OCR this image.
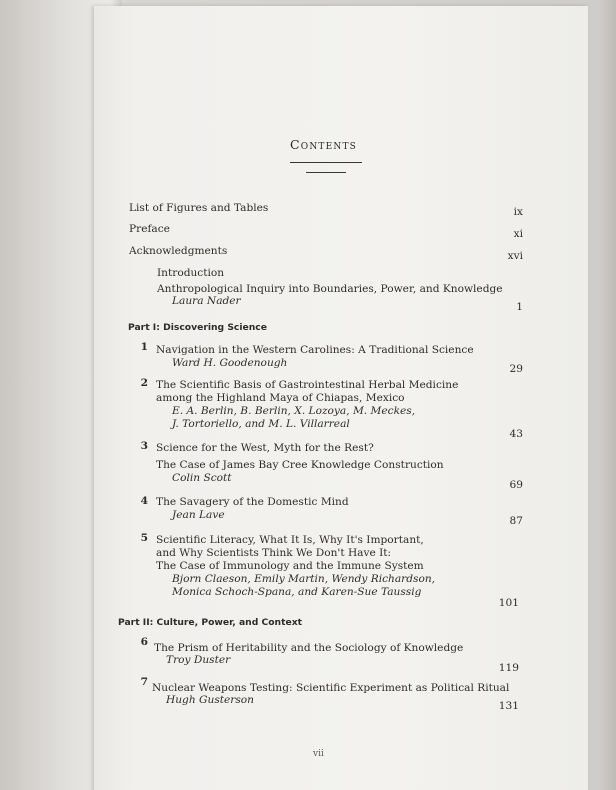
Contents
List of Figures and Tables	ix
Preface	xi
Acknowledgments	xvi
Introduction
Anthropological Inquiry into Boundaries, Power, and Knowledge
Laura Nader	1
Part I: Discovering Science
1 Navigation in the Western Carolines: A Traditional Science
Ward H. Goodenough	29
2 The Scientific Basis of Gastrointestinal Herbal Medicine
among the Highland Maya of Chiapas, Mexico
E. A. Berlin, B. Berlin, X. Lozoya, M. Meckes,
J. Tortoriello, and M. L. Villarreal
43
3 Science for the West, Myth for the Rest?
The Case of James Bay Cree Knowledge Construction
Colin Scott
69
4 The Savagery of the Domestic Mind
Jean Lave	87
5 Scientific Literacy, What It Is, Why It's Important,
and Why Scientists Think We Don't Have It:
The Case of Immunology and the Immune System
Bjorn Claeson, Emily Martin, Wendy Richardson,
Monica Schoch-Spana, and Karen-Sue Taussig
101
Part II: Culture, Power, and Context
6 The Prism of Heritability and the Sociology of Knowledge
Troy Duster
119
7 Nuclear Weapons Testing: Scientific Experiment as Political Ritual
Hugh Gusterson	131
vii
